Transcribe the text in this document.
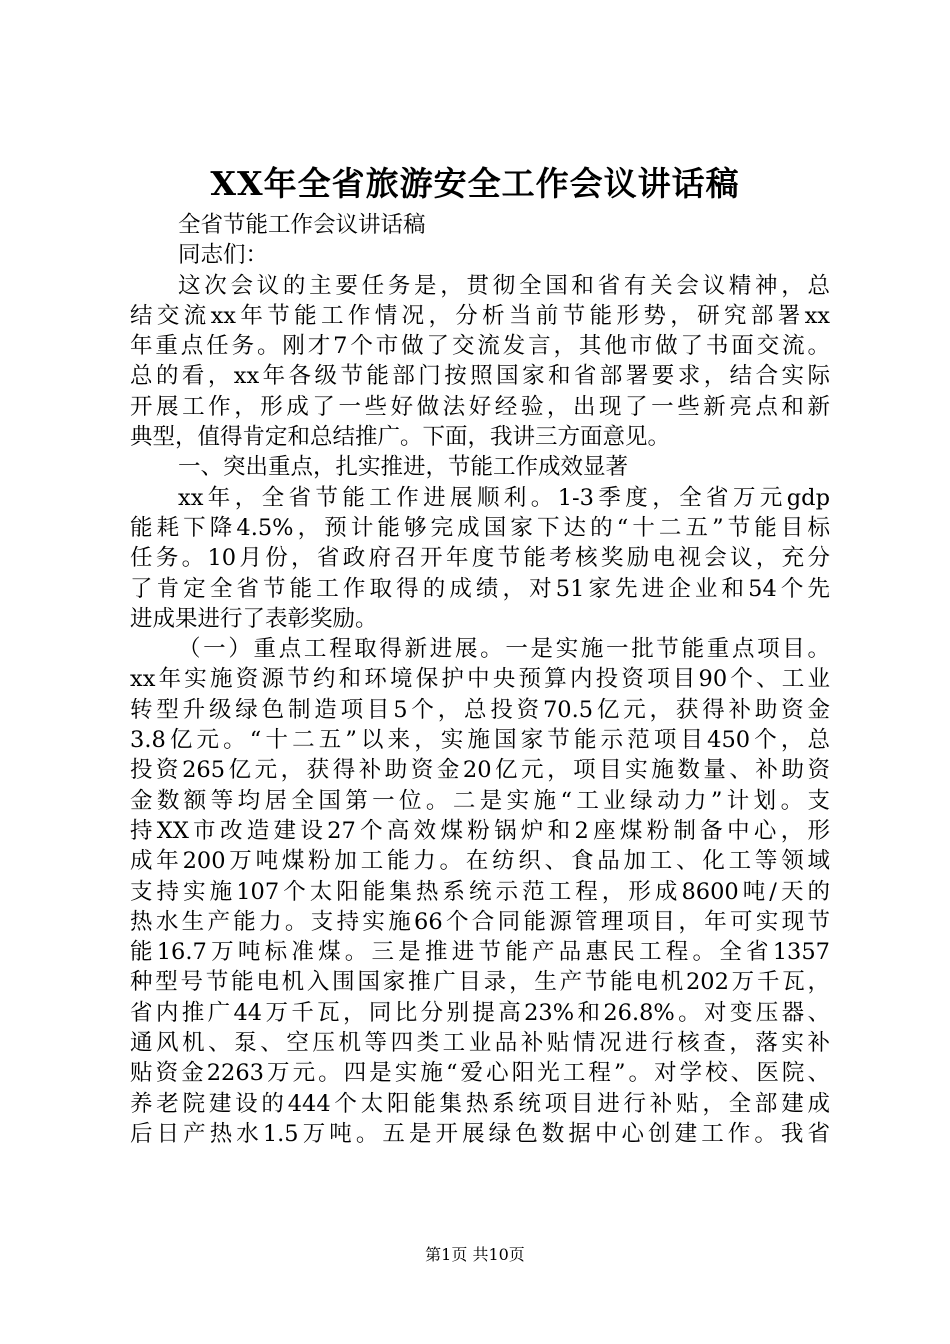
XX年全省旅游安全工作会议讲话稿
全省节能工作会议讲话稿
同志们：
这次会议的主要任务是，贯彻全国和省有关会议精神，总
结交流xx年节能工作情况，分析当前节能形势，研究部署xx
年重点任务。刚才7个市做了交流发言，其他市做了书面交流。
总的看，xx年各级节能部门按照国家和省部署要求，结合实际
开展工作，形成了一些好做法好经验，出现了一些新亮点和新
典型，值得肯定和总结推广。下面，我讲三方面意见。
一、突出重点，扎实推进，节能工作成效显著
xx年，全省节能工作进展顺利。1-3季度，全省万元gdp
能耗下降4.5%，预计能够完成国家下达的“十二五”节能目标
任务。10月份，省政府召开年度节能考核奖励电视会议，充分
了肯定全省节能工作取得的成绩，对51家先进企业和54个先
进成果进行了表彰奖励。
（一）重点工程取得新进展。一是实施一批节能重点项目。
xx年实施资源节约和环境保护中央预算内投资项目90个、工业
转型升级绿色制造项目5个，总投资70.5亿元，获得补助资金
3.8亿元。“十二五”以来，实施国家节能示范项目450个，总
投资265亿元，获得补助资金20亿元，项目实施数量、补助资
金数额等均居全国第一位。二是实施“工业绿动力”计划。支
持XX市改造建设27个高效煤粉锅炉和2座煤粉制备中心，形
成年200万吨煤粉加工能力。在纺织、食品加工、化工等领域
支持实施107个太阳能集热系统示范工程，形成8600吨/天的
热水生产能力。支持实施66个合同能源管理项目，年可实现节
能16.7万吨标准煤。三是推进节能产品惠民工程。全省1357
种型号节能电机入围国家推广目录，生产节能电机202万千瓦，
省内推广44万千瓦，同比分别提高23%和26.8%。对变压器、
通风机、泵、空压机等四类工业品补贴情况进行核查，落实补
贴资金2263万元。四是实施“爱心阳光工程”。对学校、医院、
养老院建设的444个太阳能集热系统项目进行补贴，全部建成
后日产热水1.5万吨。五是开展绿色数据中心创建工作。我省
第1页 共10页
